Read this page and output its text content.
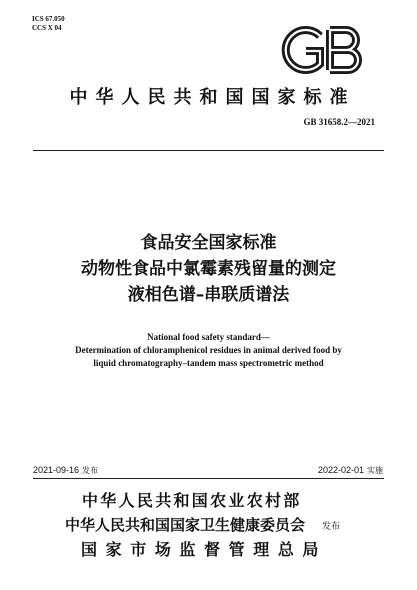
ICS 67.050
CCS X 04
中华人民共和国国家标准
GB 31658.2—2021
食品安全国家标准
动物性食品中氯霉素残留量的测定
液相色谱–串联质谱法
National food safety standard—
Determination of chloramphenicol residues in animal derived food by
liquid chromatography–tandem mass spectrometric method
2021-09-16 发布	2022-02-01 实施
中华人民共和国农业农村部
中华人民共和国国家卫生健康委员会
国家市场监督管理总局
发布
